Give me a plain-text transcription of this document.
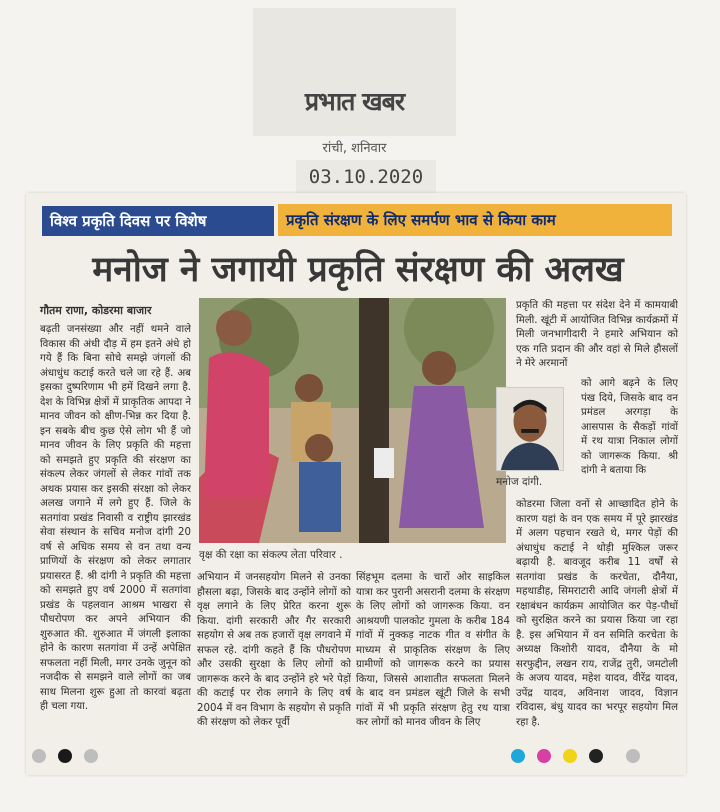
प्रभात खबर
रांची, शनिवार
03.10.2020
विश्व प्रकृति दिवस पर विशेष	प्रकृति संरक्षण के लिए समर्पण भाव से किया काम
मनोज ने जगायी प्रकृति संरक्षण की अलख
गौतम राणा, कोडरमा बाजार
बढ़ती जनसंख्या और नहीं थमने वाले विकास की अंधी दौड़ में हम इतने अंधे हो गये हैं कि बिना सोचे समझे जंगलों की अंधाधुंध कटाई करते चले जा रहे हैं. अब इसका दुष्परिणाम भी हमें दिखने लगा है. देश के विभिन्न क्षेत्रों में प्राकृतिक आपदा ने मानव जीवन को क्षीण-भिन्न कर दिया है. इन सबके बीच कुछ ऐसे लोग भी हैं जो मानव जीवन के लिए प्रकृति की महत्ता को समझते हुए प्रकृति की संरक्षण का संकल्प लेकर जंगलों से लेकर गांवों तक अथक प्रयास कर इसकी संरक्षा को लेकर अलख जगाने में लगे हुए हैं. जिले के सतगांवा प्रखंड निवासी व राष्ट्रीय झारखंड सेवा संस्थान के सचिव मनोज दांगी 20 वर्ष से अधिक समय से वन तथा वन्य प्राणियों के संरक्षण को लेकर लगातार प्रयासरत हैं. श्री दांगी ने प्रकृति की महत्ता को समझते हुए वर्ष 2000 में सतगांवा प्रखंड के पहलवान आश्रम भाखरा से पौधरोपण कर अपने अभियान की शुरुआत की. शुरुआत में जंगली इलाका होने के कारण सतगांवा में उन्हें अपेक्षित सफलता नहीं मिली, मगर उनके जुनून को नजदीक से समझने वाले लोगों का जब साथ मिलना शुरू हुआ तो कारवां बढ़ता ही चला गया.
वृक्ष की रक्षा का संकल्प लेता परिवार .
अभियान में जनसहयोग मिलने से उनका हौसला बढ़ा, जिसके बाद उन्होंने लोगों को वृक्ष लगाने के लिए प्रेरित करना शुरू किया. दांगी सरकारी और गैर सरकारी सहयोग से अब तक हजारों वृक्ष लगवाने में सफल रहे. दांगी कहते हैं कि पौधरोपण और उसकी सुरक्षा के लिए लोगों को जागरूक करने के बाद उन्होंने हरे भरे पेड़ों की कटाई पर रोक लगाने के लिए वर्ष 2004 में वन विभाग के सहयोग से प्रकृति की संरक्षण को लेकर पूर्वी
सिंहभूम दलमा के चारों ओर साइकिल यात्रा कर पुरानी असरानी दलमा के संरक्षण के लिए लोगों को जागरूक किया. वन आश्रयणी पालकोट गुमला के करीब 184 गांवों में नुक्कड़ नाटक गीत व संगीत के माध्यम से प्राकृतिक संरक्षण के लिए ग्रामीणों को जागरूक करने का प्रयास किया, जिससे आशातीत सफलता मिलने के बाद वन प्रमंडल खूंटी जिले के सभी गांवों में भी प्रकृति संरक्षण हेतु रथ यात्रा कर लोगों को मानव जीवन के लिए
प्रकृति की महत्ता पर संदेश देने में कामयाबी मिली. खूंटी में आयोजित विभिन्न कार्यक्रमों में मिली जनभागीदारी ने हमारे अभियान को एक गति प्रदान की और वहां से मिले हौसलों ने मेरे अरमानों
को आगे बढ़ने के लिए पंख दिये, जिसके बाद वन प्रमंडल अरगड़ा के आसपास के सैकड़ों गांवों में रथ यात्रा निकाल लोगों को जागरूक किया. श्री दांगी ने बताया कि
मनोज दांगी.
कोडरमा जिला वनों से आच्छादित होने के कारण यहां के वन एक समय में पूरे झारखंड में अलग पहचान रखते थे, मगर पेड़ों की अंधाधुंध कटाई ने थोड़ी मुश्किल जरूर बढ़ायी है. बावजूद करीब 11 वर्षों से सतगांवा प्रखंड के करचेता, दौनैया, महथाडीह, सिमराटारी आदि जंगली क्षेत्रों में रक्षाबंधन कार्यक्रम आयोजित कर पेड़-पौधों को सुरक्षित करने का प्रयास किया जा रहा है. इस अभियान में वन समिति करचेता के अध्यक्ष किशोरी यादव, दौनैया के मो सरफुद्दीन, लखन राय, राजेंद्र तुरी, जमटोली के अजय यादव, महेश यादव, वीरेंद्र यादव, उपेंद्र यादव, अविनाश जादव, विज्ञान रविदास, बंधु यादव का भरपूर सहयोग मिल रहा है.
